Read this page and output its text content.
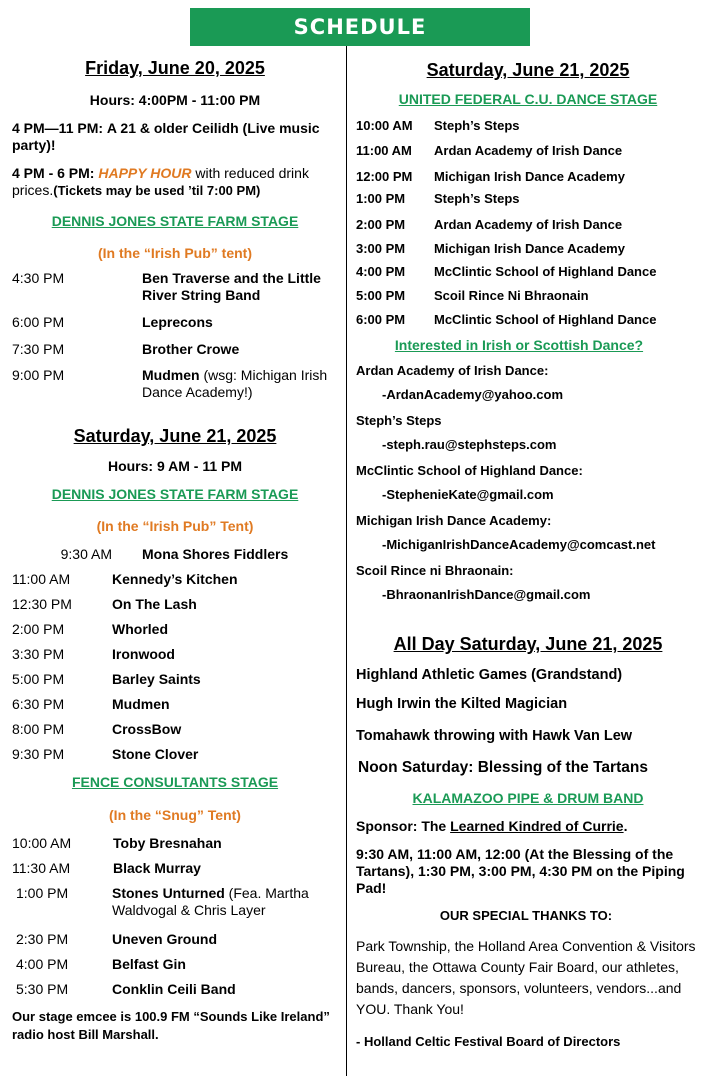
SCHEDULE
Friday, June 20, 2025
Hours: 4:00PM - 11:00 PM
4 PM—11 PM: A 21 & older Ceilidh (Live music party)!
4 PM - 6 PM: HAPPY HOUR with reduced drink prices.(Tickets may be used ’til 7:00 PM)
DENNIS JONES STATE FARM STAGE
(In the “Irish Pub” tent)
4:30 PM	Ben Traverse and the Little River String Band
6:00 PM	Leprecons
7:30 PM	Brother Crowe
9:00 PM	Mudmen (wsg: Michigan Irish Dance Academy!)
Saturday, June 21, 2025
Hours: 9 AM - 11 PM
DENNIS JONES STATE FARM STAGE
(In the “Irish Pub” Tent)
9:30 AM	Mona Shores Fiddlers
11:00 AM	Kennedy’s Kitchen
12:30 PM	On The Lash
2:00 PM	Whorled
3:30 PM	Ironwood
5:00 PM	Barley Saints
6:30 PM	Mudmen
8:00 PM	CrossBow
9:30 PM	Stone Clover
FENCE CONSULTANTS STAGE
(In the “Snug” Tent)
10:00 AM	Toby Bresnahan
11:30 AM	Black Murray
1:00 PM	Stones Unturned (Fea. Martha Waldvogal & Chris Layer
2:30 PM	Uneven Ground
4:00 PM	Belfast Gin
5:30 PM	Conklin Ceili Band
Our stage emcee is 100.9 FM “Sounds Like Ireland” radio host Bill Marshall.
Saturday, June 21, 2025
UNITED FEDERAL C.U. DANCE STAGE
10:00 AM	Steph’s Steps
11:00 AM	Ardan Academy of Irish Dance
12:00 PM	Michigan Irish Dance Academy
1:00 PM	Steph’s Steps
2:00 PM	Ardan Academy of Irish Dance
3:00 PM	Michigan Irish Dance Academy
4:00 PM	McClintic School of Highland Dance
5:00 PM	Scoil Rince Ni Bhraonain
6:00 PM	McClintic School of Highland Dance
Interested in Irish or Scottish Dance?
Ardan Academy of Irish Dance:
-ArdanAcademy@yahoo.com
Steph’s Steps
-steph.rau@stephsteps.com
McClintic School of Highland Dance:
-StephenieKate@gmail.com
Michigan Irish Dance Academy:
-MichiganIrishDanceAcademy@comcast.net
Scoil Rince ni Bhraonain:
-BhraonanIrishDance@gmail.com
All Day Saturday, June 21, 2025
Highland Athletic Games (Grandstand)
Hugh Irwin the Kilted Magician
Tomahawk throwing with Hawk Van Lew
Noon Saturday: Blessing of the Tartans
KALAMAZOO PIPE & DRUM BAND
Sponsor: The Learned Kindred of Currie.
9:30 AM, 11:00 AM, 12:00 (At the Blessing of the Tartans), 1:30 PM, 3:00 PM, 4:30 PM on the Piping Pad!
OUR SPECIAL THANKS TO:
Park Township, the Holland Area Convention & Visitors Bureau, the Ottawa County Fair Board, our athletes, bands, dancers, sponsors, volunteers, vendors...and YOU. Thank You!
- Holland Celtic Festival Board of Directors
